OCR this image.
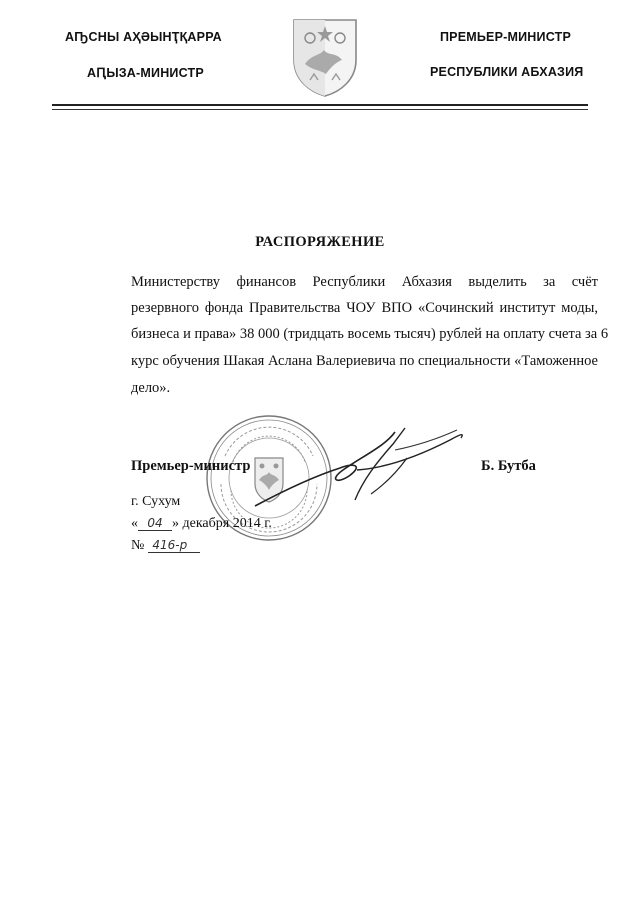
АҦСНЫ АҲӘЫНҬҚАРРА
АԤЫЗА-МИНИСТР
ПРЕМЬЕР-МИНИСТР
РЕСПУБЛИКИ АБХАЗИЯ
РАСПОРЯЖЕНИЕ
Министерству финансов Республики Абхазия выделить за счёт
резервного фонда Правительства ЧОУ ВПО «Сочинский институт моды,
бизнеса и права» 38 000 (тридцать восемь тысяч) рублей на оплату счета за 6
курс обучения Шакая Аслана Валериевича по специальности «Таможенное
дело».
Премьер-министр	Б. Бутба
г. Сухум
« 04 » декабря 2014 г.
№ 416-р
